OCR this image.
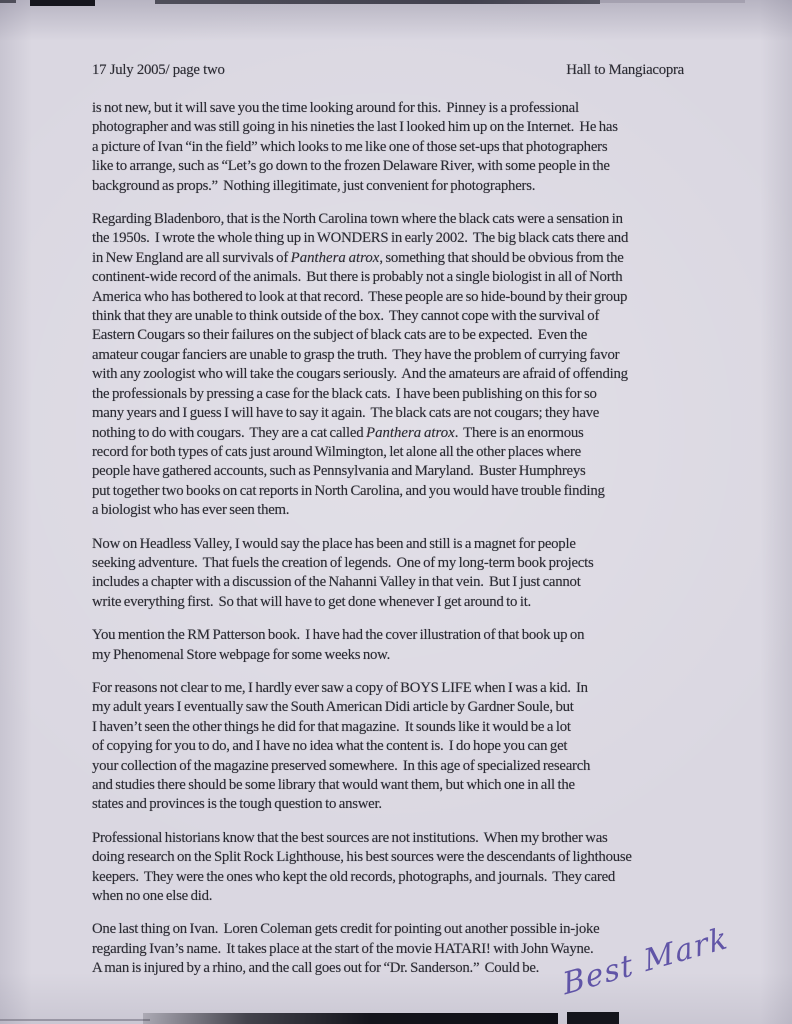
17 July 2005/ page two	Hall to Mangiacopra
is not new, but it will save you the time looking around for this.  Pinney is a professional
photographer and was still going in his nineties the last I looked him up on the Internet.  He has
a picture of Ivan “in the field” which looks to me like one of those set-ups that photographers
like to arrange, such as “Let’s go down to the frozen Delaware River, with some people in the
background as props.”  Nothing illegitimate, just convenient for photographers.
Regarding Bladenboro, that is the North Carolina town where the black cats were a sensation in
the 1950s.  I wrote the whole thing up in WONDERS in early 2002.  The big black cats there and
in New England are all survivals of Panthera atrox, something that should be obvious from the
continent-wide record of the animals.  But there is probably not a single biologist in all of North
America who has bothered to look at that record.  These people are so hide-bound by their group
think that they are unable to think outside of the box.  They cannot cope with the survival of
Eastern Cougars so their failures on the subject of black cats are to be expected.  Even the
amateur cougar fanciers are unable to grasp the truth.  They have the problem of currying favor
with any zoologist who will take the cougars seriously.  And the amateurs are afraid of offending
the professionals by pressing a case for the black cats.  I have been publishing on this for so
many years and I guess I will have to say it again.  The black cats are not cougars; they have
nothing to do with cougars.  They are a cat called Panthera atrox.  There is an enormous
record for both types of cats just around Wilmington, let alone all the other places where
people have gathered accounts, such as Pennsylvania and Maryland.  Buster Humphreys
put together two books on cat reports in North Carolina, and you would have trouble finding
a biologist who has ever seen them.
Now on Headless Valley, I would say the place has been and still is a magnet for people
seeking adventure.  That fuels the creation of legends.  One of my long-term book projects
includes a chapter with a discussion of the Nahanni Valley in that vein.  But I just cannot
write everything first.  So that will have to get done whenever I get around to it.
You mention the RM Patterson book.  I have had the cover illustration of that book up on
my Phenomenal Store webpage for some weeks now.
For reasons not clear to me, I hardly ever saw a copy of BOYS LIFE when I was a kid.  In
my adult years I eventually saw the South American Didi article by Gardner Soule, but
I haven’t seen the other things he did for that magazine.  It sounds like it would be a lot
of copying for you to do, and I have no idea what the content is.  I do hope you can get
your collection of the magazine preserved somewhere.  In this age of specialized research
and studies there should be some library that would want them, but which one in all the
states and provinces is the tough question to answer.
Professional historians know that the best sources are not institutions.  When my brother was
doing research on the Split Rock Lighthouse, his best sources were the descendants of lighthouse
keepers.  They were the ones who kept the old records, photographs, and journals.  They cared
when no one else did.
One last thing on Ivan.  Loren Coleman gets credit for pointing out another possible in-joke
regarding Ivan’s name.  It takes place at the start of the movie HATARI! with John Wayne.
A man is injured by a rhino, and the call goes out for “Dr. Sanderson.”  Could be. Best Mark
